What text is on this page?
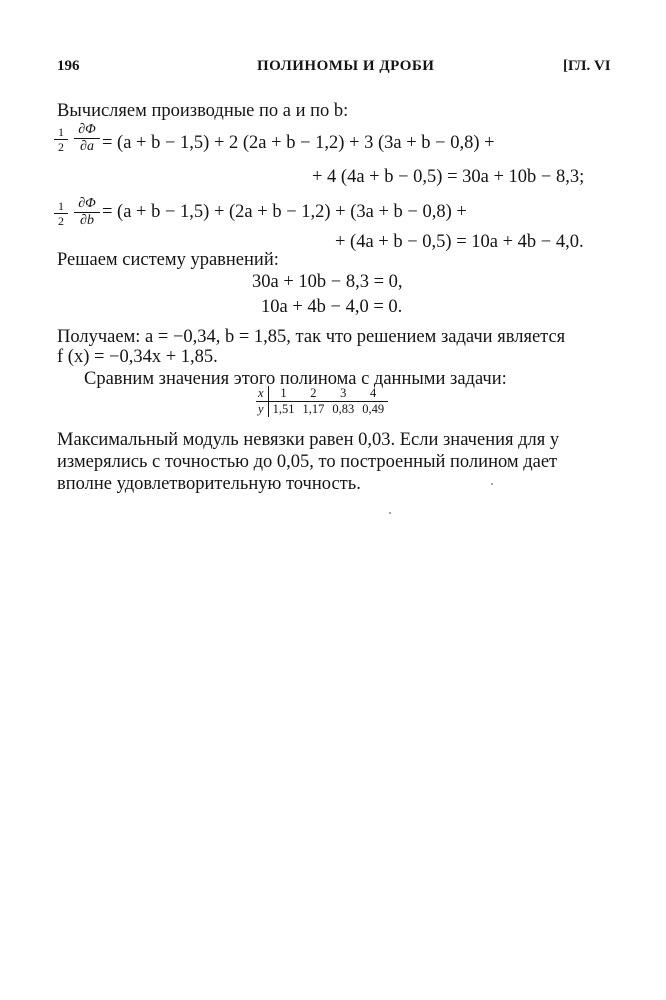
196	ПОЛИНОМЫ И ДРОБИ	[ГЛ. VI
Вычисляем производные по a и по b:
1
2
∂Φ
∂a = (a + b − 1,5) + 2 (2a + b − 1,2) + 3 (3a + b − 0,8) +
+ 4 (4a + b − 0,5) = 30a + 10b − 8,3;
1
2
∂Φ
∂b = (a + b − 1,5) + (2a + b − 1,2) + (3a + b − 0,8) +
+ (4a + b − 0,5) = 10a + 4b − 4,0.
Решаем систему уравнений:
30a + 10b − 8,3 = 0,
10a + 4b − 4,0 = 0.
Получаем: a = −0,34, b = 1,85, так что решением задачи является
f (x) = −0,34x + 1,85.
Сравним значения этого полинома с данными задачи:
x	1	2	3	4
y	1,51	1,17	0,83	0,49
Максимальный модуль невязки равен 0,03. Если значения для y
измерялись с точностью до 0,05, то построенный полином дает
вполне удовлетворительную точность.
